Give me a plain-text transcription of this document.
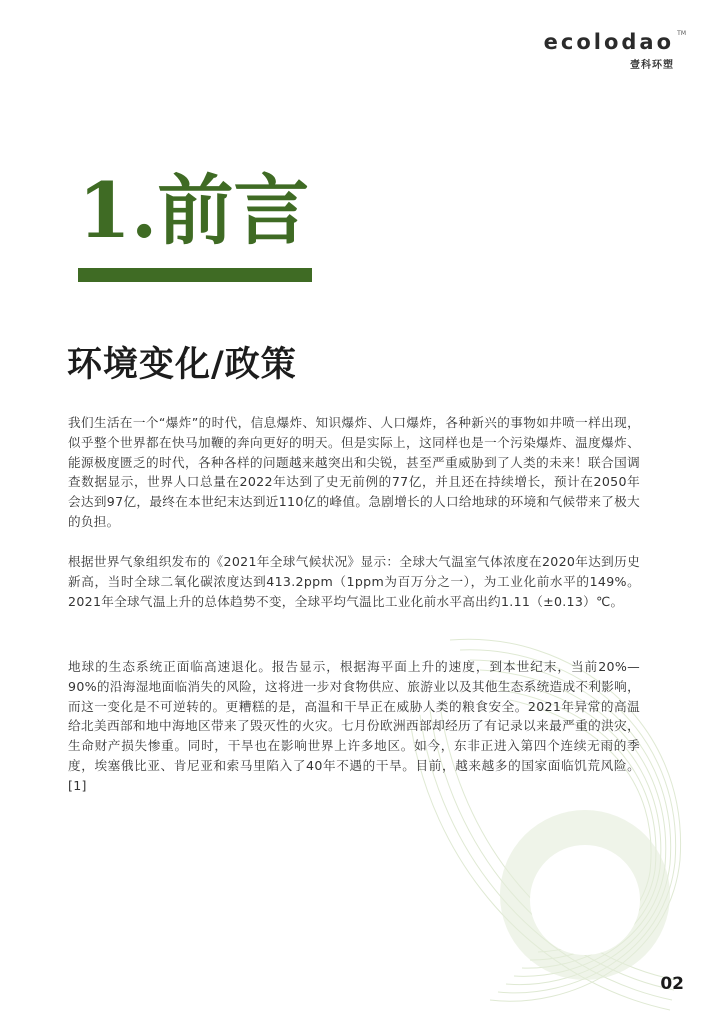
ecolodao TM
壹科环塑
1.前言
环境变化/政策

我们生活在一个“爆炸”的时代，信息爆炸、知识爆炸、人口爆炸，各种新兴的事物如井喷一样出现，似乎整个世界都在快马加鞭的奔向更好的明天。但是实际上，这同样也是一个污染爆炸、温度爆炸、能源极度匮乏的时代，各种各样的问题越来越突出和尖锐，甚至严重威胁到了人类的未来！联合国调查数据显示，世界人口总量在2022年达到了史无前例的77亿，并且还在持续增长，预计在2050年会达到97亿，最终在本世纪末达到近110亿的峰值。急剧增长的人口给地球的环境和气候带来了极大的负担。

根据世界气象组织发布的《2021年全球气候状况》显示：全球大气温室气体浓度在2020年达到历史新高，当时全球二氧化碳浓度达到413.2ppm（1ppm为百万分之一），为工业化前水平的149%。2021年全球气温上升的总体趋势不变，全球平均气温比工业化前水平高出约1.11（±0.13）℃。

地球的生态系统正面临高速退化。报告显示，根据海平面上升的速度，到本世纪末，当前20%—90%的沿海湿地面临消失的风险，这将进一步对食物供应、旅游业以及其他生态系统造成不利影响，而这一变化是不可逆转的。更糟糕的是，高温和干旱正在威胁人类的粮食安全。2021年异常的高温给北美西部和地中海地区带来了毁灭性的火灾。七月份欧洲西部却经历了有记录以来最严重的洪灾，生命财产损失惨重。同时，干旱也在影响世界上许多地区。如今，东非正进入第四个连续无雨的季度，埃塞俄比亚、肯尼亚和索马里陷入了40年不遇的干旱。目前，越来越多的国家面临饥荒风险。[1]

02
